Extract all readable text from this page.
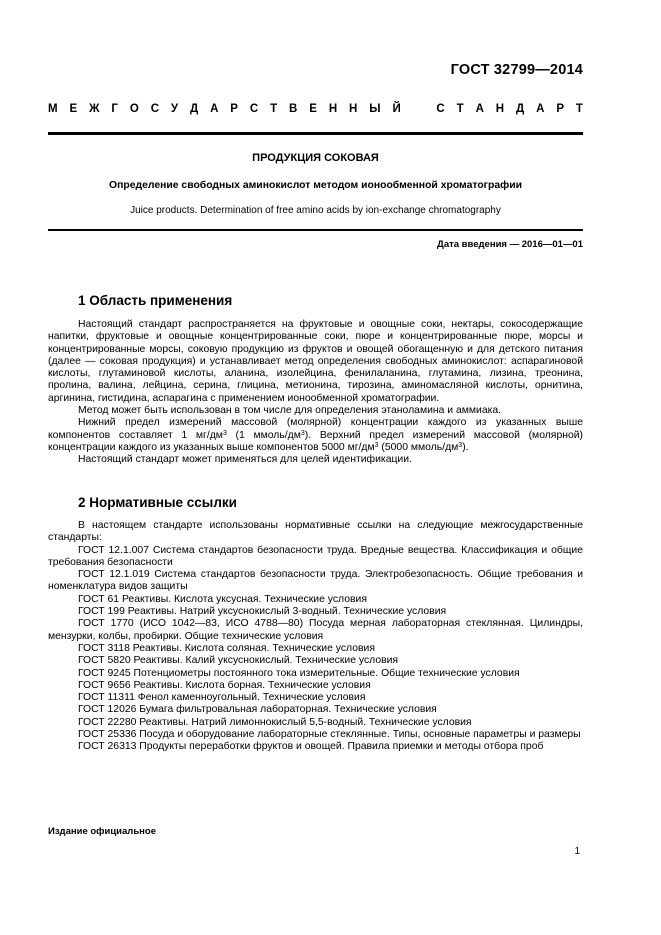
ГОСТ 32799—2014
М Е Ж Г О С У Д А Р С Т В Е Н Н Ы Й	С Т А Н Д А Р Т
ПРОДУКЦИЯ СОКОВАЯ
Определение свободных аминокислот методом ионообменной хроматографии
Juice products. Determination of free amino acids by ion-exchange chromatography
Дата введения — 2016—01—01
1 Область применения

Настоящий стандарт распространяется на фруктовые и овощные соки, нектары, сокосодержащие напитки, фруктовые и овощные концентрированные соки, пюре и концентрированные пюре, морсы и концентрированные морсы, соковую продукцию из фруктов и овощей обогащенную и для детского питания (далее — соковая продукция) и устанавливает метод определения свободных аминокислот: аспарагиновой кислоты, глутаминовой кислоты, аланина, изолейцина, фенилаланина, глутамина, лизина, треонина, пролина, валина, лейцина, серина, глицина, метионина, тирозина, аминомасляной кислоты, орнитина, аргинина, гистидина, аспарагина с применением ионообменной хроматографии.

Метод может быть использован в том числе для определения этаноламина и аммиака.

Нижний предел измерений массовой (молярной) концентрации каждого из указанных выше компонентов составляет 1 $мг/дм^3$ (1 ммоль/$дм^3$). Верхний предел измерений массовой (молярной) концентрации каждого из указанных выше компонентов 5000 $мг/дм^3$ (5000 ммоль/$дм^3$).

Настоящий стандарт может применяться для целей идентификации.

2 Нормативные ссылки

В настоящем стандарте использованы нормативные ссылки на следующие межгосударственные стандарты:

ГОСТ 12.1.007 Система стандартов безопасности труда. Вредные вещества. Классификация и общие требования безопасности

ГОСТ 12.1.019 Система стандартов безопасности труда. Электробезопасность. Общие требования и номенклатура видов защиты

ГОСТ 61 Реактивы. Кислота уксусная. Технические условия

ГОСТ 199 Реактивы. Натрий уксуснокислый 3-водный. Технические условия

ГОСТ 1770 (ИСО 1042—83, ИСО 4788—80) Посуда мерная лабораторная стеклянная. Цилиндры, мензурки, колбы, пробирки. Общие технические условия

ГОСТ 3118 Реактивы. Кислота соляная. Технические условия

ГОСТ 5820 Реактивы. Калий уксуснокислый. Технические условия

ГОСТ 9245 Потенциометры постоянного тока измерительные. Общие технические условия

ГОСТ 9656 Реактивы. Кислота борная. Технические условия

ГОСТ 11311 Фенол каменноугольный. Технические условия

ГОСТ 12026 Бумага фильтровальная лабораторная. Технические условия

ГОСТ 22280 Реактивы. Натрий лимоннокислый 5,5-водный. Технические условия

ГОСТ 25336 Посуда и оборудование лабораторные стеклянные. Типы, основные параметры и размеры

ГОСТ 26313 Продукты переработки фруктов и овощей. Правила приемки и методы отбора проб

Издание официальное
1
